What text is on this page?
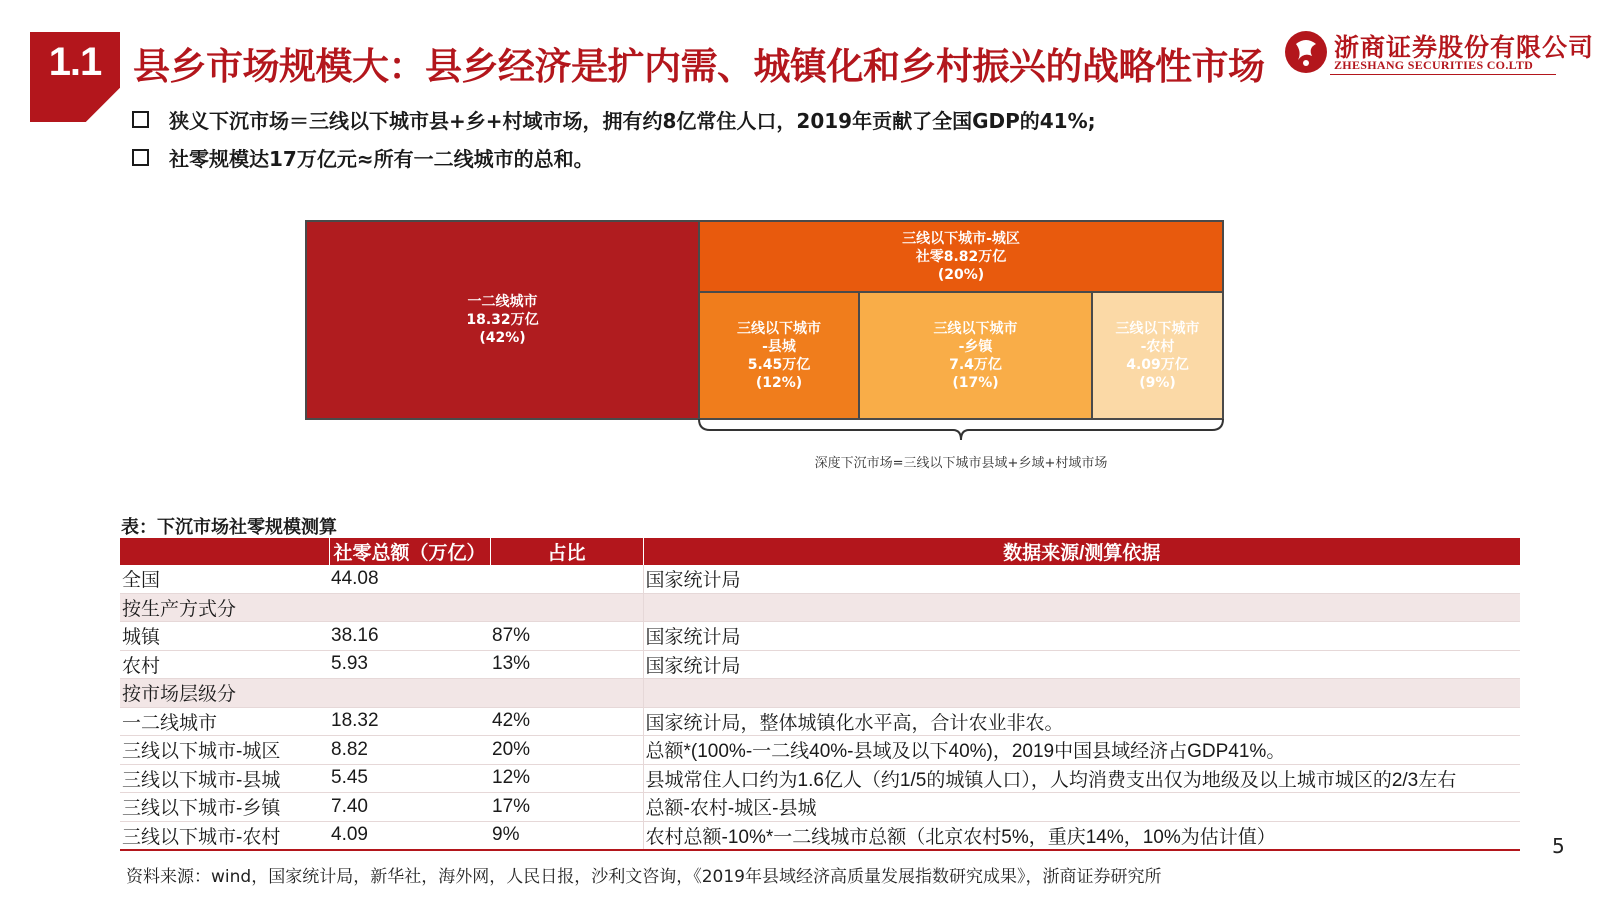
1.1 县乡市场规模大：县乡经济是扩内需、城镇化和乡村振兴的战略性市场	浙商证券股份有限公司
ZHESHANG SECURITIES CO.LTD
狭义下沉市场＝三线以下城市县+乡+村域市场，拥有约8亿常住人口，2019年贡献了全国GDP的41%;
社零规模达17万亿元≈所有一二线城市的总和。
一二线城市
18.32万亿
(42%)
三线以下城市-城区
社零8.82万亿
(20%)
三线以下城市
-县城
5.45万亿
(12%)
三线以下城市
-乡镇
7.4万亿
(17%)
三线以下城市
-农村
4.09万亿
(9%)
深度下沉市场=三线以下城市县域+乡域+村域市场
表：下沉市场社零规模测算
	社零总额（万亿）	占比	数据来源/测算依据
全国	44.08		国家统计局
按生产方式分			
城镇	38.16	87%	国家统计局
农村	5.93	13%	国家统计局
按市场层级分			
一二线城市	18.32	42%	国家统计局，整体城镇化水平高，合计农业非农。
三线以下城市-城区	8.82	20%	总额*(100%-一二线40%-县域及以下40%)，2019中国县域经济占GDP41%。
三线以下城市-县城	5.45	12%	县城常住人口约为1.6亿人（约1/5的城镇人口），人均消费支出仅为地级及以上城市城区的2/3左右
三线以下城市-乡镇	7.40	17%	总额-农村-城区-县城
三线以下城市-农村	4.09	9%	农村总额-10%*一二线城市总额（北京农村5%，重庆14%，10%为估计值）
资料来源：wind，国家统计局，新华社，海外网，人民日报，沙利文咨询，《2019年县域经济高质量发展指数研究成果》，浙商证券研究所
5
